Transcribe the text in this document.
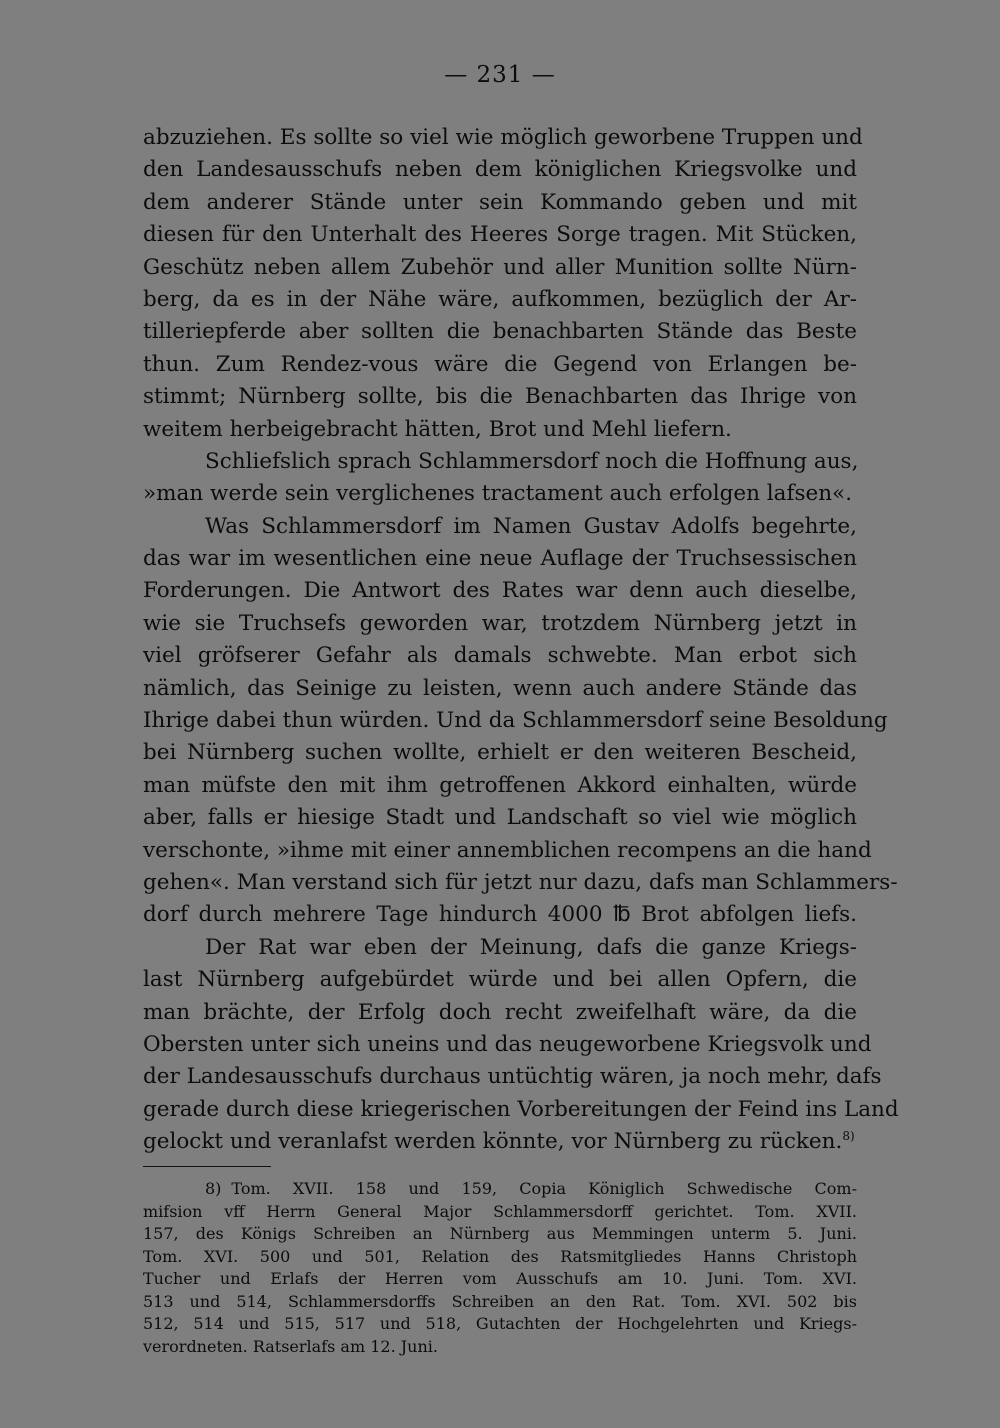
— 231 —
abzuziehen. Es sollte so viel wie möglich geworbene Truppen und
den Landesausschufs neben dem königlichen Kriegsvolke und
dem anderer Stände unter sein Kommando geben und mit
diesen für den Unterhalt des Heeres Sorge tragen. Mit Stücken,
Geschütz neben allem Zubehör und aller Munition sollte Nürn-
berg, da es in der Nähe wäre, aufkommen, bezüglich der Ar-
tilleriepferde aber sollten die benachbarten Stände das Beste
thun. Zum Rendez-vous wäre die Gegend von Erlangen be-
stimmt; Nürnberg sollte, bis die Benachbarten das Ihrige von
weitem herbeigebracht hätten, Brot und Mehl liefern.
Schliefslich sprach Schlammersdorf noch die Hoffnung aus,
»man werde sein verglichenes tractament auch erfolgen lafsen«.
Was Schlammersdorf im Namen Gustav Adolfs begehrte,
das war im wesentlichen eine neue Auflage der Truchsessischen
Forderungen. Die Antwort des Rates war denn auch dieselbe,
wie sie Truchsefs geworden war, trotzdem Nürnberg jetzt in
viel gröfserer Gefahr als damals schwebte. Man erbot sich
nämlich, das Seinige zu leisten, wenn auch andere Stände das
Ihrige dabei thun würden. Und da Schlammersdorf seine Besoldung
bei Nürnberg suchen wollte, erhielt er den weiteren Bescheid,
man müfste den mit ihm getroffenen Akkord einhalten, würde
aber, falls er hiesige Stadt und Landschaft so viel wie möglich
verschonte, »ihme mit einer annemblichen recompens an die hand
gehen«. Man verstand sich für jetzt nur dazu, dafs man Schlammers-
dorf durch mehrere Tage hindurch 4000 ℔ Brot abfolgen liefs.
Der Rat war eben der Meinung, dafs die ganze Kriegs-
last Nürnberg aufgebürdet würde und bei allen Opfern, die
man brächte, der Erfolg doch recht zweifelhaft wäre, da die
Obersten unter sich uneins und das neugeworbene Kriegsvolk und
der Landesausschufs durchaus untüchtig wären, ja noch mehr, dafs
gerade durch diese kriegerischen Vorbereitungen der Feind ins Land
gelockt und veranlafst werden könnte, vor Nürnberg zu rücken.$^{8)}$
8) Tom. XVII. 158 und 159, Copia Königlich Schwedische Com-
mifsion vff Herrn General Major Schlammersdorff gerichtet. Tom. XVII.
157, des Königs Schreiben an Nürnberg aus Memmingen unterm 5. Juni.
Tom. XVI. 500 und 501, Relation des Ratsmitgliedes Hanns Christoph
Tucher und Erlafs der Herren vom Ausschufs am 10. Juni. Tom. XVI.
513 und 514, Schlammersdorffs Schreiben an den Rat. Tom. XVI. 502 bis
512, 514 und 515, 517 und 518, Gutachten der Hochgelehrten und Kriegs-
verordneten. Ratserlafs am 12. Juni.
